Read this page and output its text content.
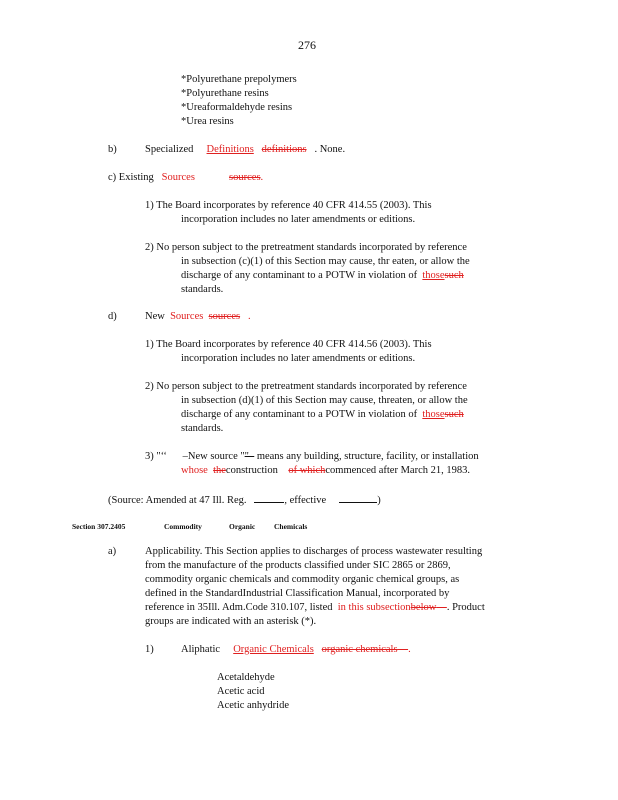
276
*Polyurethane prepolymers
*Polyurethane resins
*Ureaformaldehyde resins
*Urea resins
b)	Specialized Definitions definitions . None.
c) Existing Sources	sources.
1) The Board incorporates by reference 40 CFR 414.55 (2003). This
incorporation includes no later amendments or editions.
2) No person subject to the pretreatment standards incorporated by reference
in subsection (c)(1) of this Section may cause, thr eaten, or allow the
discharge of any contaminant to a POTW in violation of thosesuch
standards.
d)	New Sources sources .
1) The Board incorporates by reference 40 CFR 414.56 (2003). This
incorporation includes no later amendments or editions.
2) No person subject to the pretreatment standards incorporated by reference
in subsection (d)(1) of this Section may cause, threaten, or allow the
discharge of any contaminant to a POTW in violation of thosesuch
standards.
3) "‘‘ –New source ""– means any building, structure, facility, or installation
whose theconstruction of whichcommenced after March 21, 1983.
(Source: Amended at 47 Ill. Reg.	, effective	)
Section 307.2405	Commodity	Organic	Chemicals
a)	Applicability. This Section applies to discharges of process wastewater resulting
from the manufacture of the products classified under SIC 2865 or 2869,
commodity organic chemicals and commodity organic chemical groups, as
defined in the StandardIndustrial Classification Manual, incorporated by
reference in 35Ill. Adm.Code 310.107, listed in this subsectionbelow . Product
groups are indicated with an asterisk (*).
1)	Aliphatic Organic Chemicals organic chemicals .
Acetaldehyde
Acetic acid
Acetic anhydride
